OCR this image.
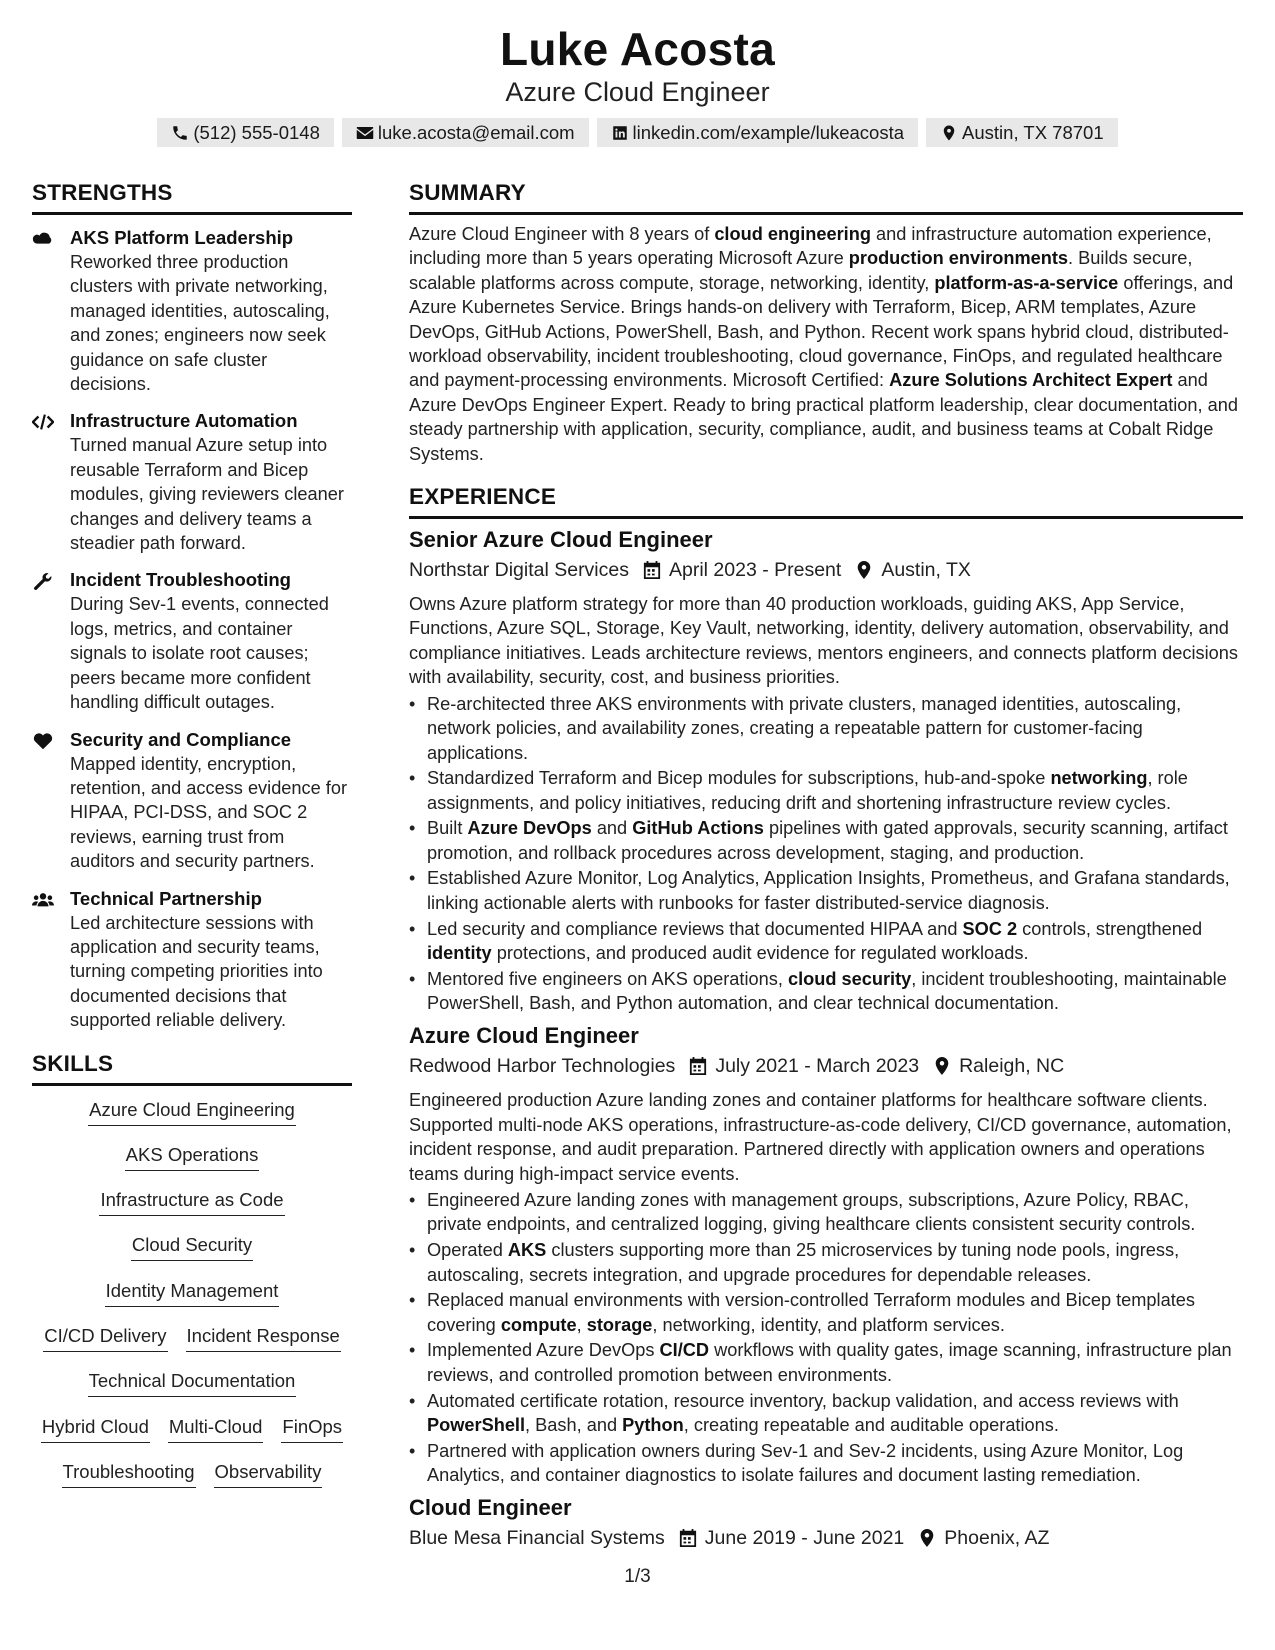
Luke Acosta
Azure Cloud Engineer
(512) 555-0148	luke.acosta@email.com	linkedin.com/example/lukeacosta	Austin, TX 78701
STRENGTHS
AKS Platform Leadership
Reworked three production clusters with private networking, managed identities, autoscaling, and zones; engineers now seek guidance on safe cluster decisions.
Infrastructure Automation
Turned manual Azure setup into reusable Terraform and Bicep modules, giving reviewers cleaner changes and delivery teams a steadier path forward.
Incident Troubleshooting
During Sev-1 events, connected logs, metrics, and container signals to isolate root causes; peers became more confident handling difficult outages.
Security and Compliance
Mapped identity, encryption, retention, and access evidence for HIPAA, PCI-DSS, and SOC 2 reviews, earning trust from auditors and security partners.
Technical Partnership
Led architecture sessions with application and security teams, turning competing priorities into documented decisions that supported reliable delivery.
SKILLS
Azure Cloud Engineering
AKS Operations
Infrastructure as Code
Cloud Security
Identity Management
CI/CD Delivery Incident Response
Technical Documentation
Hybrid Cloud Multi-Cloud FinOps
Troubleshooting Observability
SUMMARY
Azure Cloud Engineer with 8 years of cloud engineering and infrastructure automation experience, including more than 5 years operating Microsoft Azure production environments. Builds secure, scalable platforms across compute, storage, networking, identity, platform-as-a-service offerings, and Azure Kubernetes Service. Brings hands-on delivery with Terraform, Bicep, ARM templates, Azure DevOps, GitHub Actions, PowerShell, Bash, and Python. Recent work spans hybrid cloud, distributed-workload observability, incident troubleshooting, cloud governance, FinOps, and regulated healthcare and payment-processing environments. Microsoft Certified: Azure Solutions Architect Expert and Azure DevOps Engineer Expert. Ready to bring practical platform leadership, clear documentation, and steady partnership with application, security, compliance, audit, and business teams at Cobalt Ridge Systems.
EXPERIENCE
Senior Azure Cloud Engineer
Northstar Digital Services April 2023 - Present Austin, TX
Owns Azure platform strategy for more than 40 production workloads, guiding AKS, App Service, Functions, Azure SQL, Storage, Key Vault, networking, identity, delivery automation, observability, and compliance initiatives. Leads architecture reviews, mentors engineers, and connects platform decisions with availability, security, cost, and business priorities.
• Re-architected three AKS environments with private clusters, managed identities, autoscaling, network policies, and availability zones, creating a repeatable pattern for customer-facing applications.
• Standardized Terraform and Bicep modules for subscriptions, hub-and-spoke networking, role assignments, and policy initiatives, reducing drift and shortening infrastructure review cycles.
• Built Azure DevOps and GitHub Actions pipelines with gated approvals, security scanning, artifact promotion, and rollback procedures across development, staging, and production.
• Established Azure Monitor, Log Analytics, Application Insights, Prometheus, and Grafana standards, linking actionable alerts with runbooks for faster distributed-service diagnosis.
• Led security and compliance reviews that documented HIPAA and SOC 2 controls, strengthened identity protections, and produced audit evidence for regulated workloads.
• Mentored five engineers on AKS operations, cloud security, incident troubleshooting, maintainable PowerShell, Bash, and Python automation, and clear technical documentation.
Azure Cloud Engineer
Redwood Harbor Technologies July 2021 - March 2023 Raleigh, NC
Engineered production Azure landing zones and container platforms for healthcare software clients. Supported multi-node AKS operations, infrastructure-as-code delivery, CI/CD governance, automation, incident response, and audit preparation. Partnered directly with application owners and operations teams during high-impact service events.
• Engineered Azure landing zones with management groups, subscriptions, Azure Policy, RBAC, private endpoints, and centralized logging, giving healthcare clients consistent security controls.
• Operated AKS clusters supporting more than 25 microservices by tuning node pools, ingress, autoscaling, secrets integration, and upgrade procedures for dependable releases.
• Replaced manual environments with version-controlled Terraform modules and Bicep templates covering compute, storage, networking, identity, and platform services.
• Implemented Azure DevOps CI/CD workflows with quality gates, image scanning, infrastructure plan reviews, and controlled promotion between environments.
• Automated certificate rotation, resource inventory, backup validation, and access reviews with PowerShell, Bash, and Python, creating repeatable and auditable operations.
• Partnered with application owners during Sev-1 and Sev-2 incidents, using Azure Monitor, Log Analytics, and container diagnostics to isolate failures and document lasting remediation.
Cloud Engineer
Blue Mesa Financial Systems June 2019 - June 2021 Phoenix, AZ
1/3
